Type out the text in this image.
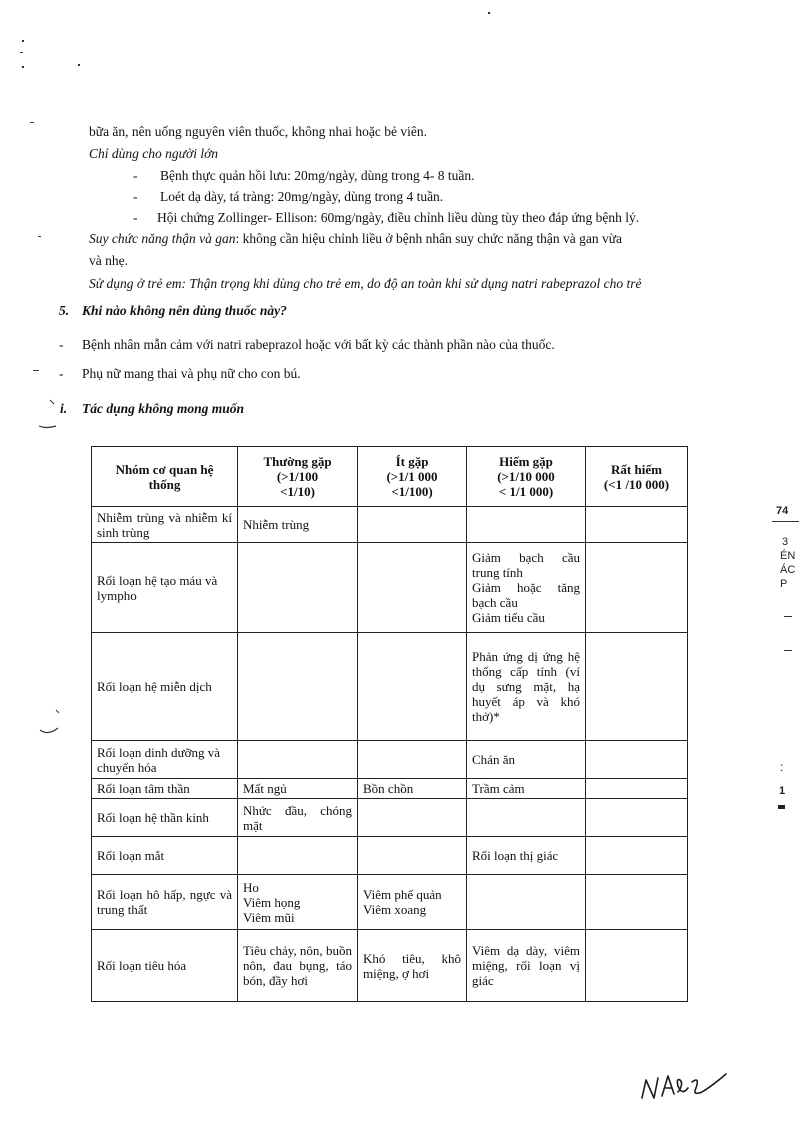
bữa ăn, nên uống nguyên viên thuốc, không nhai hoặc bẻ viên.
Chỉ dùng cho người lớn
- Bệnh thực quản hồi lưu: 20mg/ngày, dùng trong 4- 8 tuần.
- Loét dạ dày, tá tràng: 20mg/ngày, dùng trong 4 tuần.
- Hội chứng Zollinger- Ellison: 60mg/ngày, điều chỉnh liều dùng tùy theo đáp ứng bệnh lý.
Suy chức năng thận và gan: không cần hiệu chỉnh liều ở bệnh nhân suy chức năng thận và gan vừa
và nhẹ.
Sử dụng ở trẻ em: Thận trọng khi dùng cho trẻ em, do độ an toàn khi sử dụng natri rabeprazol cho trẻ
5. Khi nào không nên dùng thuốc này?
- Bệnh nhân mẫn cảm với natri rabeprazol hoặc với bất kỳ các thành phần nào của thuốc.
- Phụ nữ mang thai và phụ nữ cho con bú.
i. Tác dụng không mong muốn
Nhóm cơ quan hệ
thống	Thường gặp
(>1/100
<1/10)	Ít gặp
(>1/1 000
<1/100)	Hiếm gặp
(>1/10 000
< 1/1 000)	Rất hiếm
(<1 /10 000)

Nhiễm trùng và nhiễm kí sinh trùng	Nhiễm trùng			
Rối loạn hệ tạo máu và lympho			Giảm bạch cầu trung tính
Giảm hoặc tăng bạch cầu
Giảm tiểu cầu	

Rối loạn hệ miễn dịch			Phản ứng dị ứng hệ thống cấp tính (ví dụ sưng mặt, hạ huyết áp và khó thở)*	
Rối loạn dinh dưỡng và chuyển hóa			Chán ăn	
Rối loạn tâm thần	Mất ngủ	Bồn chồn	Trầm cảm	
Rối loạn hệ thần kinh	Nhức đầu, chóng mặt			
Rối loạn mắt			Rối loạn thị giác	
Rối loạn hô hấp, ngực và trung thất	Ho
Viêm họng
Viêm mũi	Viêm phế quản
Viêm xoang		

Rối loạn tiêu hóa	Tiêu chảy, nôn, buồn nôn, đau bụng, táo bón, đầy hơi	Khó tiêu, khô miệng, ợ hơi	Viêm dạ dày, viêm miệng, rối loạn vị giác	
74
3
ÉN
ÁC
P
:
1
